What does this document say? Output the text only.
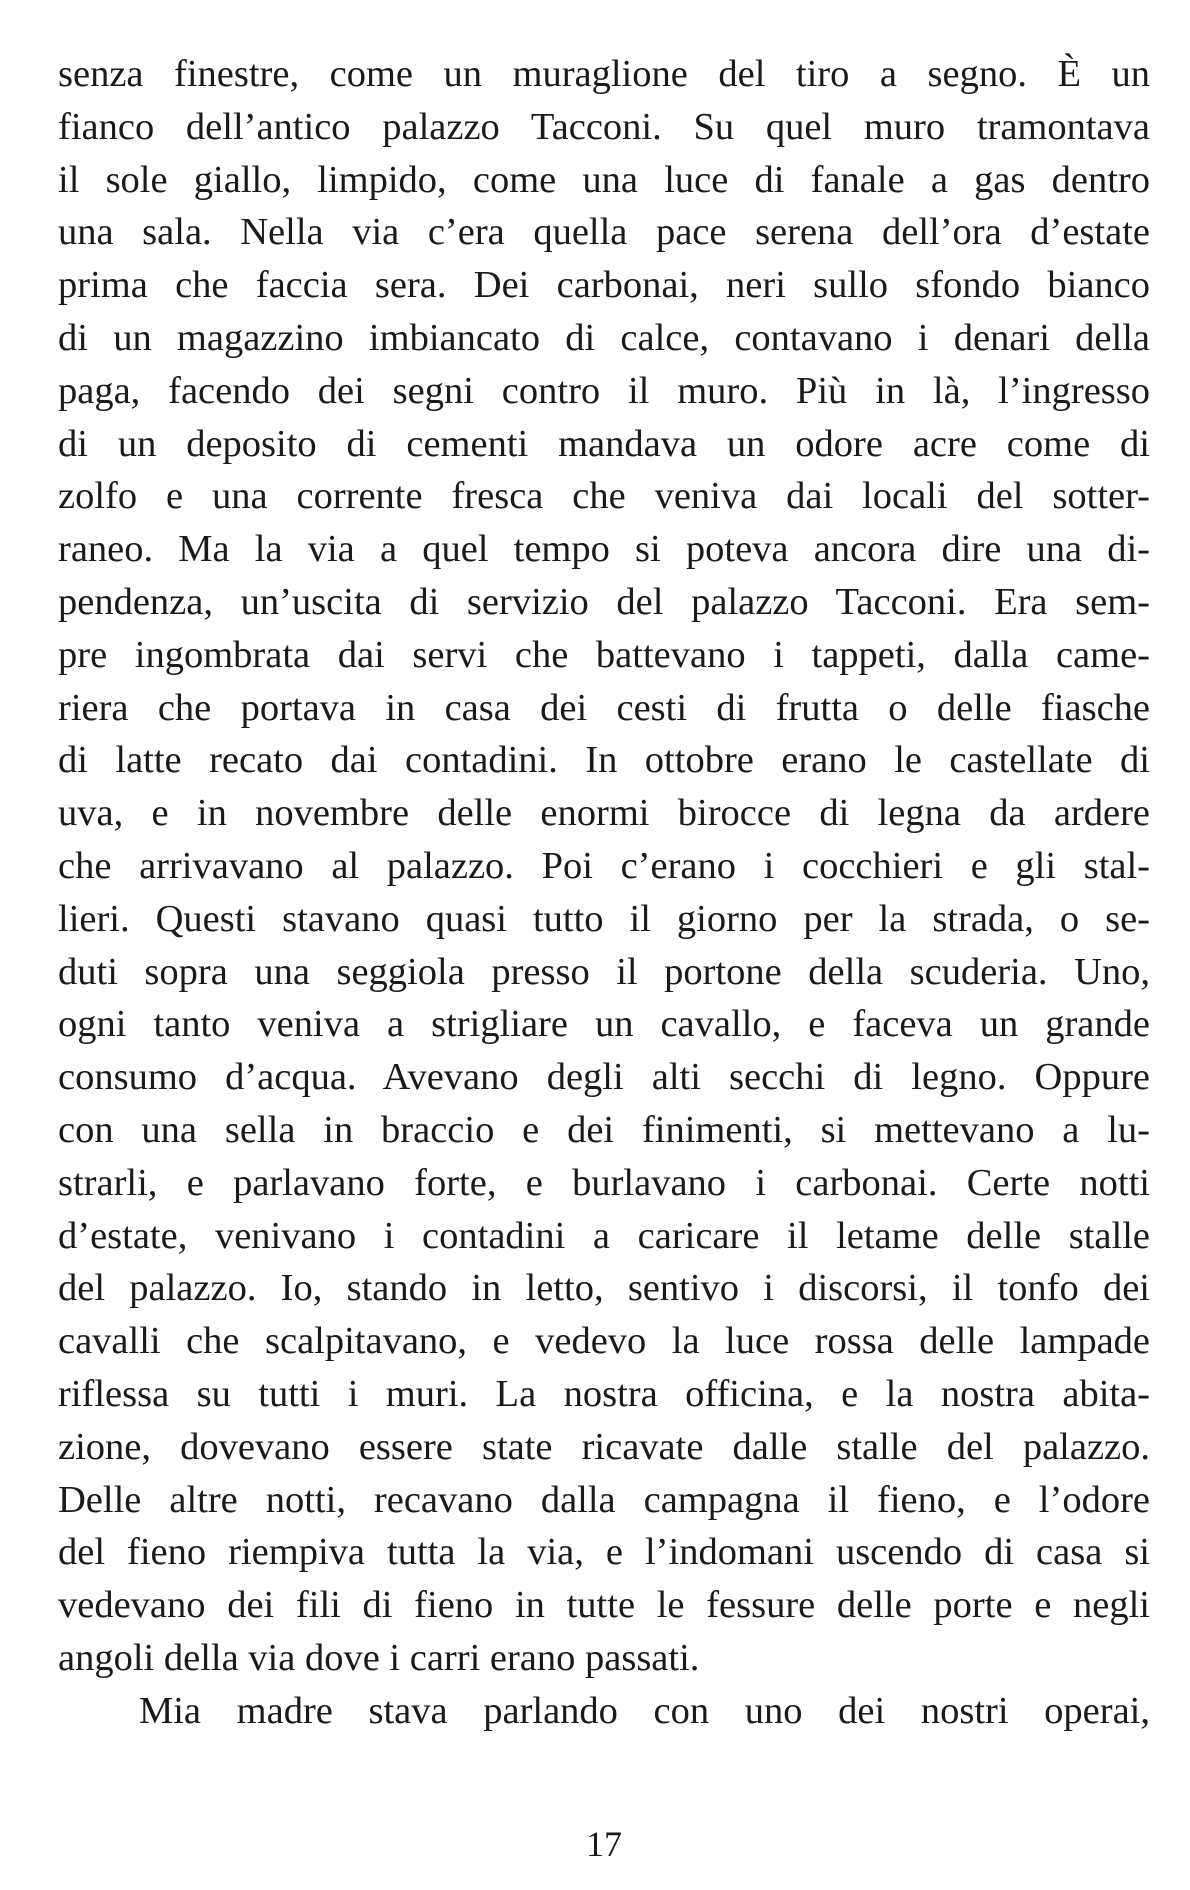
senza finestre, come un muraglione del tiro a segno. È un
fianco dell’antico palazzo Tacconi. Su quel muro tramontava
il sole giallo, limpido, come una luce di fanale a gas dentro
una sala. Nella via c’era quella pace serena dell’ora d’estate
prima che faccia sera. Dei carbonai, neri sullo sfondo bianco
di un magazzino imbiancato di calce, contavano i denari della
paga, facendo dei segni contro il muro. Più in là, l’ingresso
di un deposito di cementi mandava un odore acre come di
zolfo e una corrente fresca che veniva dai locali del sotter-
raneo. Ma la via a quel tempo si poteva ancora dire una di-
pendenza, un’uscita di servizio del palazzo Tacconi. Era sem-
pre ingombrata dai servi che battevano i tappeti, dalla came-
riera che portava in casa dei cesti di frutta o delle fiasche
di latte recato dai contadini. In ottobre erano le castellate di
uva, e in novembre delle enormi birocce di legna da ardere
che arrivavano al palazzo. Poi c’erano i cocchieri e gli stal-
lieri. Questi stavano quasi tutto il giorno per la strada, o se-
duti sopra una seggiola presso il portone della scuderia. Uno,
ogni tanto veniva a strigliare un cavallo, e faceva un grande
consumo d’acqua. Avevano degli alti secchi di legno. Oppure
con una sella in braccio e dei finimenti, si mettevano a lu-
strarli, e parlavano forte, e burlavano i carbonai. Certe notti
d’estate, venivano i contadini a caricare il letame delle stalle
del palazzo. Io, stando in letto, sentivo i discorsi, il tonfo dei
cavalli che scalpitavano, e vedevo la luce rossa delle lampade
riflessa su tutti i muri. La nostra officina, e la nostra abita-
zione, dovevano essere state ricavate dalle stalle del palazzo.
Delle altre notti, recavano dalla campagna il fieno, e l’odore
del fieno riempiva tutta la via, e l’indomani uscendo di casa si
vedevano dei fili di fieno in tutte le fessure delle porte e negli
angoli della via dove i carri erano passati.
Mia madre stava parlando con uno dei nostri operai,
17
